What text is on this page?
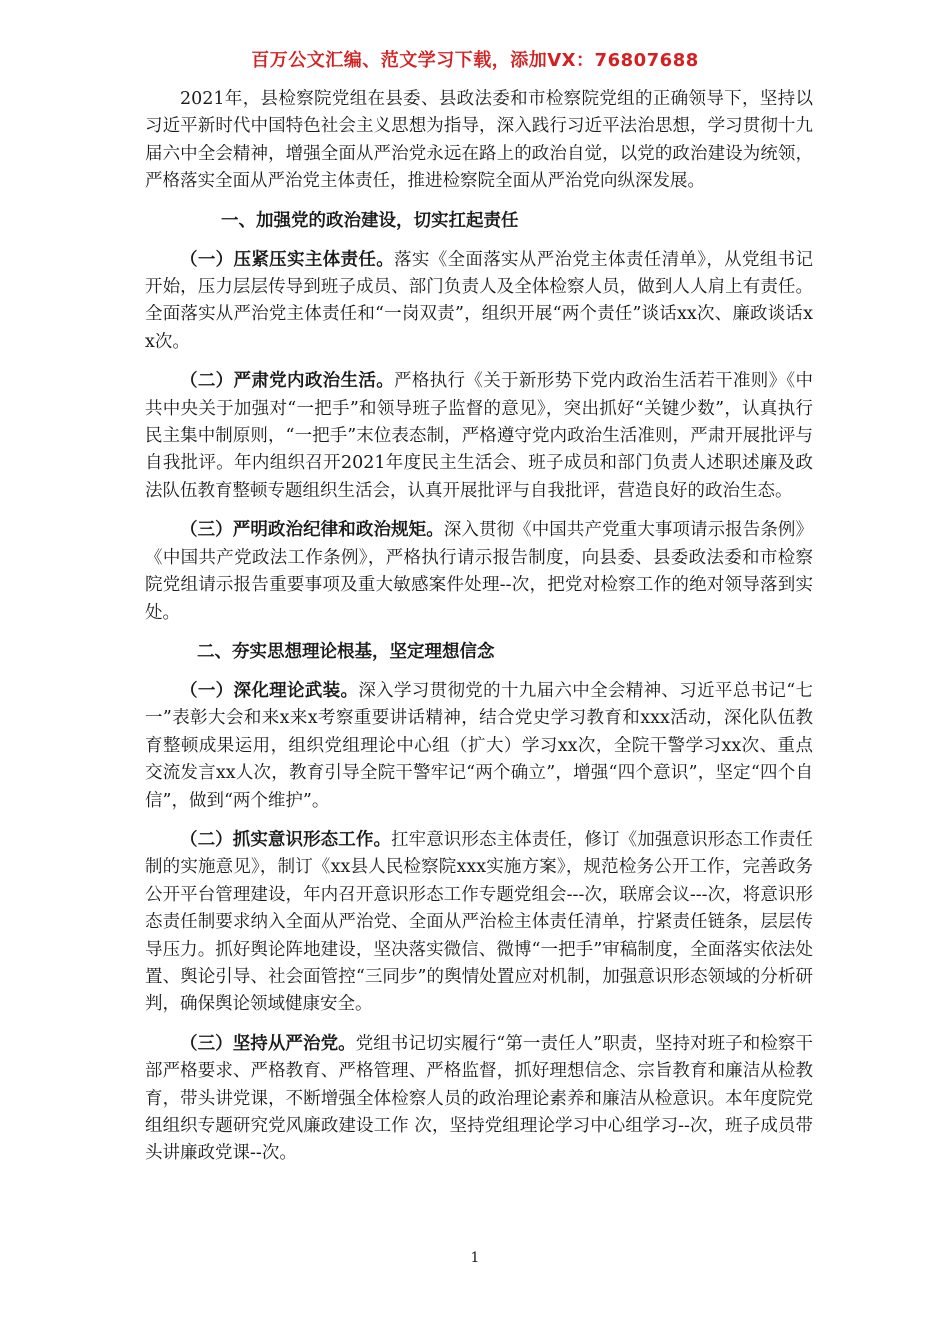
百万公文汇编、范文学习下载，添加VX：76807688

2021年，县检察院党组在县委、县政法委和市检察院党组的正确领导下，坚持以习近平新时代中国特色社会主义思想为指导，深入践行习近平法治思想，学习贯彻十九届六中全会精神，增强全面从严治党永远在路上的政治自觉，以党的政治建设为统领，严格落实全面从严治党主体责任，推进检察院全面从严治党向纵深发展。

一、加强党的政治建设，切实扛起责任

（一）压紧压实主体责任。落实《全面落实从严治党主体责任清单》，从党组书记开始，压力层层传导到班子成员、部门负责人及全体检察人员，做到人人肩上有责任。全面落实从严治党主体责任和“一岗双责”，组织开展“两个责任”谈话xx次、廉政谈话xx次。

（二）严肃党内政治生活。严格执行《关于新形势下党内政治生活若干准则》《中共中央关于加强对“一把手”和领导班子监督的意见》，突出抓好“关键少数”，认真执行民主集中制原则，“一把手”末位表态制，严格遵守党内政治生活准则，严肃开展批评与自我批评。年内组织召开2021年度民主生活会、班子成员和部门负责人述职述廉及政法队伍教育整顿专题组织生活会，认真开展批评与自我批评，营造良好的政治生态。

（三）严明政治纪律和政治规矩。深入贯彻《中国共产党重大事项请示报告条例》《中国共产党政法工作条例》，严格执行请示报告制度，向县委、县委政法委和市检察院党组请示报告重要事项及重大敏感案件处理--次，把党对检察工作的绝对领导落到实处。

二、夯实思想理论根基，坚定理想信念

（一）深化理论武装。深入学习贯彻党的十九届六中全会精神、习近平总书记“七一”表彰大会和来x来x考察重要讲话精神，结合党史学习教育和xxx活动，深化队伍教育整顿成果运用，组织党组理论中心组（扩大）学习xx次，全院干警学习xx次、重点交流发言xx人次，教育引导全院干警牢记“两个确立”，增强“四个意识”，坚定“四个自信”，做到“两个维护”。

（二）抓实意识形态工作。扛牢意识形态主体责任，修订《加强意识形态工作责任制的实施意见》，制订《xx县人民检察院xxx实施方案》，规范检务公开工作，完善政务公开平台管理建设，年内召开意识形态工作专题党组会---次，联席会议---次，将意识形态责任制要求纳入全面从严治党、全面从严治检主体责任清单，拧紧责任链条，层层传导压力。抓好舆论阵地建设，坚决落实微信、微博“一把手”审稿制度，全面落实依法处置、舆论引导、社会面管控“三同步”的舆情处置应对机制，加强意识形态领域的分析研判，确保舆论领域健康安全。

（三）坚持从严治党。党组书记切实履行“第一责任人”职责，坚持对班子和检察干部严格要求、严格教育、严格管理、严格监督，抓好理想信念、宗旨教育和廉洁从检教育，带头讲党课，不断增强全体检察人员的政治理论素养和廉洁从检意识。本年度院党组组织专题研究党风廉政建设工作 次，坚持党组理论学习中心组学习--次，班子成员带头讲廉政党课--次。

1
